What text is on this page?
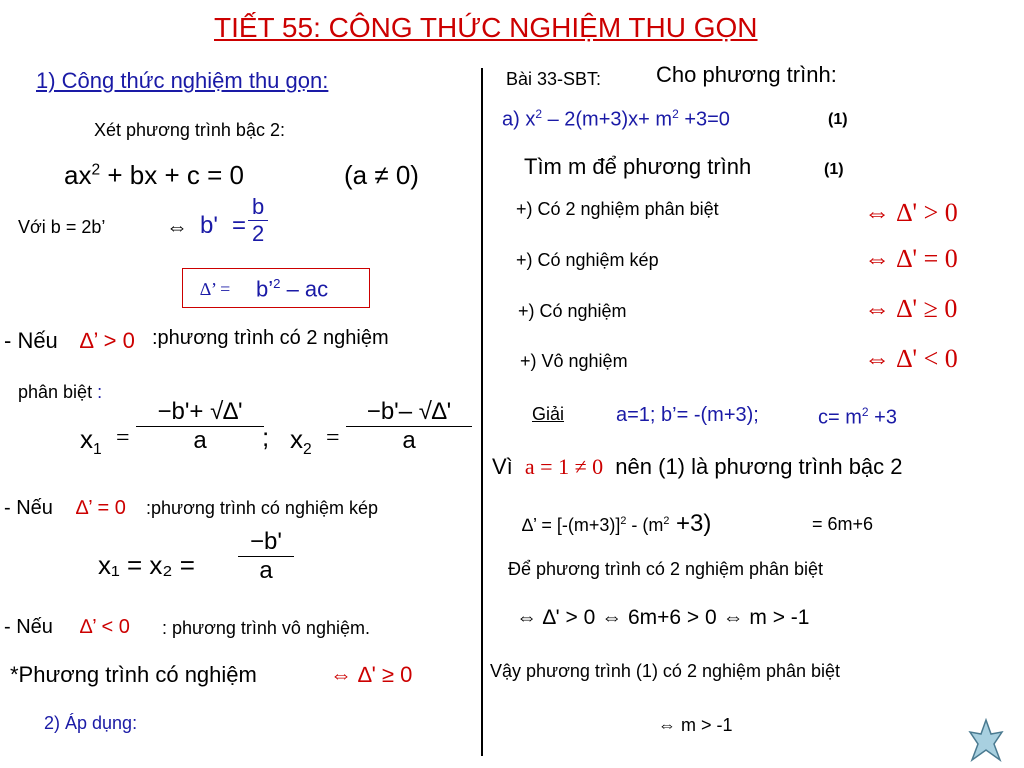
TIẾT 55: CÔNG THỨC NGHIỆM THU GỌN
1) Công thức nghiệm thu gọn:
Xét phương trình bậc 2:
$ax^2$ + bx + c = 0	(a ≠ 0)
Với b = 2b’	⇔ b' =
b
2
∆’ = b’$^2$ – ac
- Nếu ∆’ > 0 :phương trình có 2 nghiệm
phân biệt :
$x_1$ =
−b'+ √∆'
a	; $x_2$ =
−b'– √∆'
a
- Nếu ∆’ = 0 :phương trình có nghiệm kép
x₁ = x₂ =
−b'
a
- Nếu ∆’ < 0 : phương trình vô nghiệm.
*Phương trình có nghiệm	⇔ ∆' ≥ 0
2) Áp dụng:
Bài 33-SBT: Cho phương trình:
a) $x^2 - 2(m+3)x+ m^2 +3=0$	(1)
Tìm m để phương trình	(1)
+) Có 2 nghiệm phân biệt	⇔ ∆' > 0
+) Có nghiệm kép	⇔ ∆' = 0
+) Có nghiệm	⇔ ∆' ≥ 0
+) Vô nghiệm	⇔ ∆' < 0
Giải	a=1; b’= -(m+3);	$c= m^2 +3$
Vì a = 1 ≠ 0 nên (1) là phương trình bậc 2
∆’ = $[-(m+3)]^2 - (m^2 +3)$	= 6m+6
Để phương trình có 2 nghiệm phân biệt
⇔ ∆' > 0 ⇔ 6m+6 > 0 ⇔ m > -1
Vậy phương trình (1) có 2 nghiệm phân biệt
⇔ m > -1
